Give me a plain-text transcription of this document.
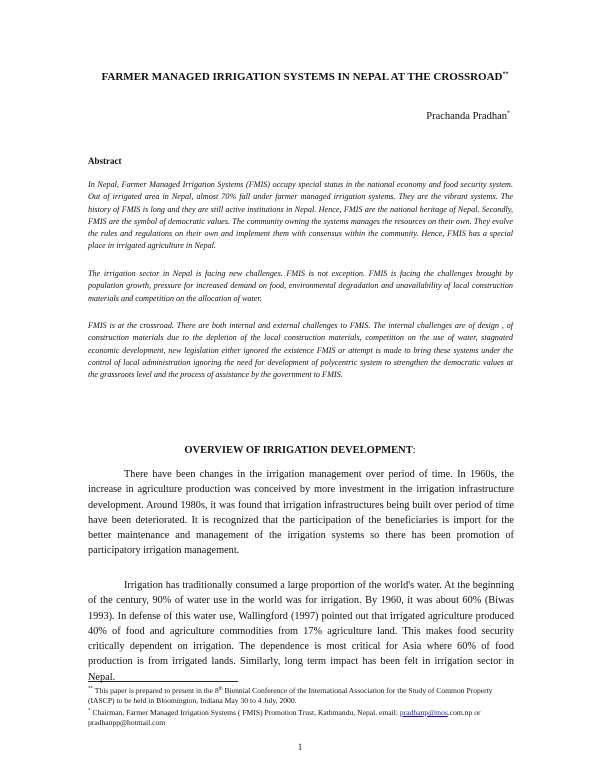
FARMER MANAGED IRRIGATION SYSTEMS IN NEPAL AT THE CROSSROAD**
Prachanda Pradhan*
Abstract
In Nepal, Farmer Managed Irrigation Systems (FMIS) occupy special status in the national economy and food security system. Out of irrigated area in Nepal, almost 70% fall under farmer managed irrigation systems. They are the vibrant systems. The history of FMIS is long and they are still active institutions in Nepal. Hence, FMIS are the national heritage of Nepal. Secondly, FMIS are the symbol of democratic values. The community owning the systems manages the resources on their own. They evolve the rules and regulations on their own and implement them with consensus within the community. Hence, FMIS has a special place in irrigated agriculture in Nepal.
The irrigation sector in Nepal is facing new challenges. FMIS is not exception. FMIS is facing the challenges brought by population growth, pressure for increased demand on food, environmental degradation and unavailability of local construction materials and competition on the allocation of water.
FMIS is at the crossroad. There are both internal and external challenges to FMIS. The internal challenges are of design , of construction materials due to the depletion of the local construction materials, competition on the use of water, stagnated economic development, new legislation either ignored the existence FMIS or attempt is made to bring these systems under the control of local administration ignoring the need for development of polycentric system to strengthen the democratic values at the grassroots level and the process of assistance by the government to FMIS.
OVERVIEW OF IRRIGATION DEVELOPMENT:
There have been changes in the irrigation management over period of time. In 1960s, the increase in agriculture production was conceived by more investment in the irrigation infrastructure development. Around 1980s, it was found that irrigation infrastructures being built over period of time have been deteriorated. It is recognized that the participation of the beneficiaries is import for the better maintenance and management of the irrigation systems so there has been promotion of participatory irrigation management.
Irrigation has traditionally consumed a large proportion of the world's water. At the beginning of the century, 90% of water use in the world was for irrigation. By 1960, it was about 60% (Biwas 1993). In defense of this water use, Wallingford (1997) pointed out that irrigated agriculture produced 40% of food and agriculture commodities from 17% agriculture land. This makes food security critically dependent on irrigation. The dependence is most critical for Asia where 60% of food production is from irrigated lands. Similarly, long term impact has been felt in irrigation sector in Nepal.
** This paper is prepared to present in the 8th Biennial Conference of the International Association for the Study of Common Property (IASCP) to be held in Bloomington, Indiana May 30 to 4 July, 2000.
* Chairman, Farmer Managed Irrigation Systems ( FMIS) Promotion Trust, Kathmandu, Nepal. email: pradhanp@mos.com.np or pradhanpp@hotmail.com
1
